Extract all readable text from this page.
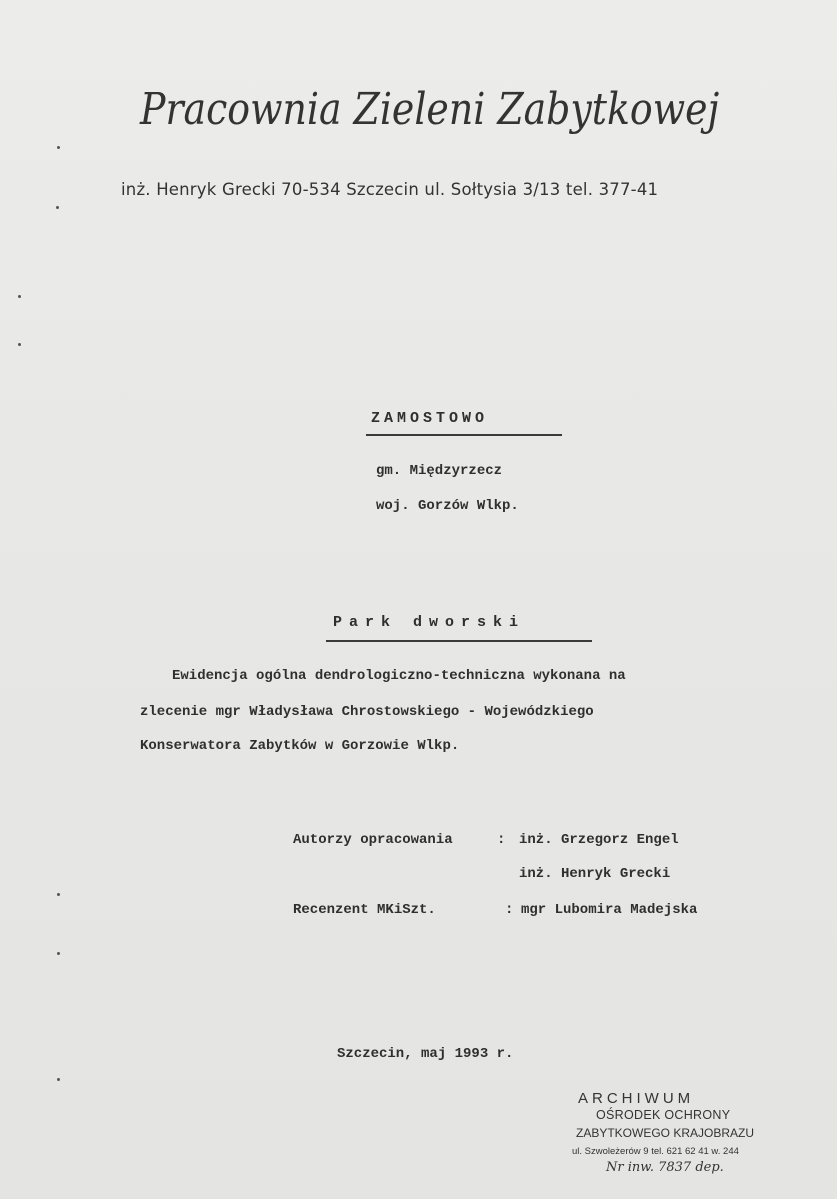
Pracownia Zieleni Zabytkowej
inż. Henryk Grecki 70-534 Szczecin ul. Sołtysia 3/13 tel. 377-41
ZAMOSTOWO
gm. Międzyrzecz
woj. Gorzów Wlkp.
Park dworski
Ewidencja ogólna dendrologiczno-techniczna wykonana na
zlecenie mgr Władysława Chrostowskiego - Wojewódzkiego
Konserwatora Zabytków w Gorzowie Wlkp.
Autorzy opracowania	: inż. Grzegorz Engel
inż. Henryk Grecki
Recenzent MKiSzt.	: mgr Lubomira Madejska
Szczecin, maj 1993 r.
ARCHIWUM
OŚRODEK OCHRONY
ZABYTKOWEGO KRAJOBRAZU
ul. Szwoleżerów 9 tel. 621 62 41 w. 244
Nr inw. 7837 dep.
